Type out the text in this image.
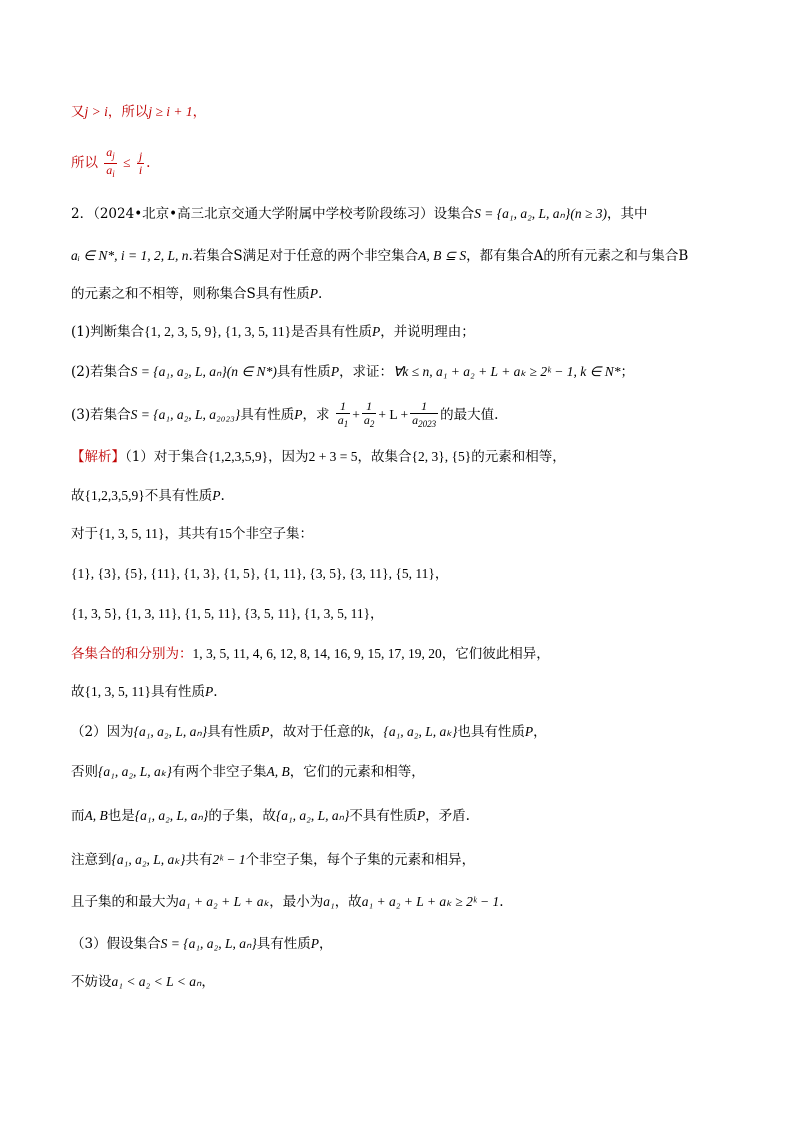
又j > i，所以j ≥ i + 1，
所以 $\frac{a_j}{a_i} \le \frac{j}{i}$ .
2．（2024•北京•高三北京交通大学附属中学校考阶段练习）设集合S = {a₁, a₂, L, aₙ}(n ≥ 3)，其中
aᵢ ∈ N*, i = 1, 2, L, n.若集合S满足对于任意的两个非空集合A, B ⊆ S，都有集合A的所有元素之和与集合B
的元素之和不相等，则称集合S具有性质P.
(1)判断集合{1, 2, 3, 5, 9}, {1, 3, 5, 11}是否具有性质P，并说明理由；
(2)若集合S = {a₁, a₂, L, aₙ}(n ∈ N*)具有性质P，求证：∀k ≤ n, a₁ + a₂ + L + aₖ ≥ 2ᵏ − 1, k ∈ N*；
(3)若集合S = {a₁, a₂, L, a₂₀₂₃}具有性质P，求 $\frac{1}{a_1} + \frac{1}{a_2} + L + \frac{1}{a_{2023}}$ 的最大值.
【解析】（1）对于集合{1,2,3,5,9}，因为2 + 3 = 5，故集合{2, 3}, {5}的元素和相等，
故{1,2,3,5,9}不具有性质P.
对于{1, 3, 5, 11}，其共有15个非空子集：
{1}, {3}, {5}, {11}, {1, 3}, {1, 5}, {1, 11}, {3, 5}, {3, 11}, {5, 11}，
{1, 3, 5}, {1, 3, 11}, {1, 5, 11}, {3, 5, 11}, {1, 3, 5, 11}，
各集合的和分别为：1, 3, 5, 11, 4, 6, 12, 8, 14, 16, 9, 15, 17, 19, 20，它们彼此相异，
故{1, 3, 5, 11}具有性质P.
（2）因为{a₁, a₂, L, aₙ}具有性质P，故对于任意的k，{a₁, a₂, L, aₖ}也具有性质P，
否则{a₁, a₂, L, aₖ}有两个非空子集A, B，它们的元素和相等，
而A, B也是{a₁, a₂, L, aₙ}的子集，故{a₁, a₂, L, aₙ}不具有性质P，矛盾.
注意到{a₁, a₂, L, aₖ}共有2ᵏ − 1个非空子集，每个子集的元素和相异，
且子集的和最大为a₁ + a₂ + L + aₖ，最小为a₁，故a₁ + a₂ + L + aₖ ≥ 2ᵏ − 1.
（3）假设集合S = {a₁, a₂, L, aₙ}具有性质P，
不妨设a₁ < a₂ < L < aₙ，
